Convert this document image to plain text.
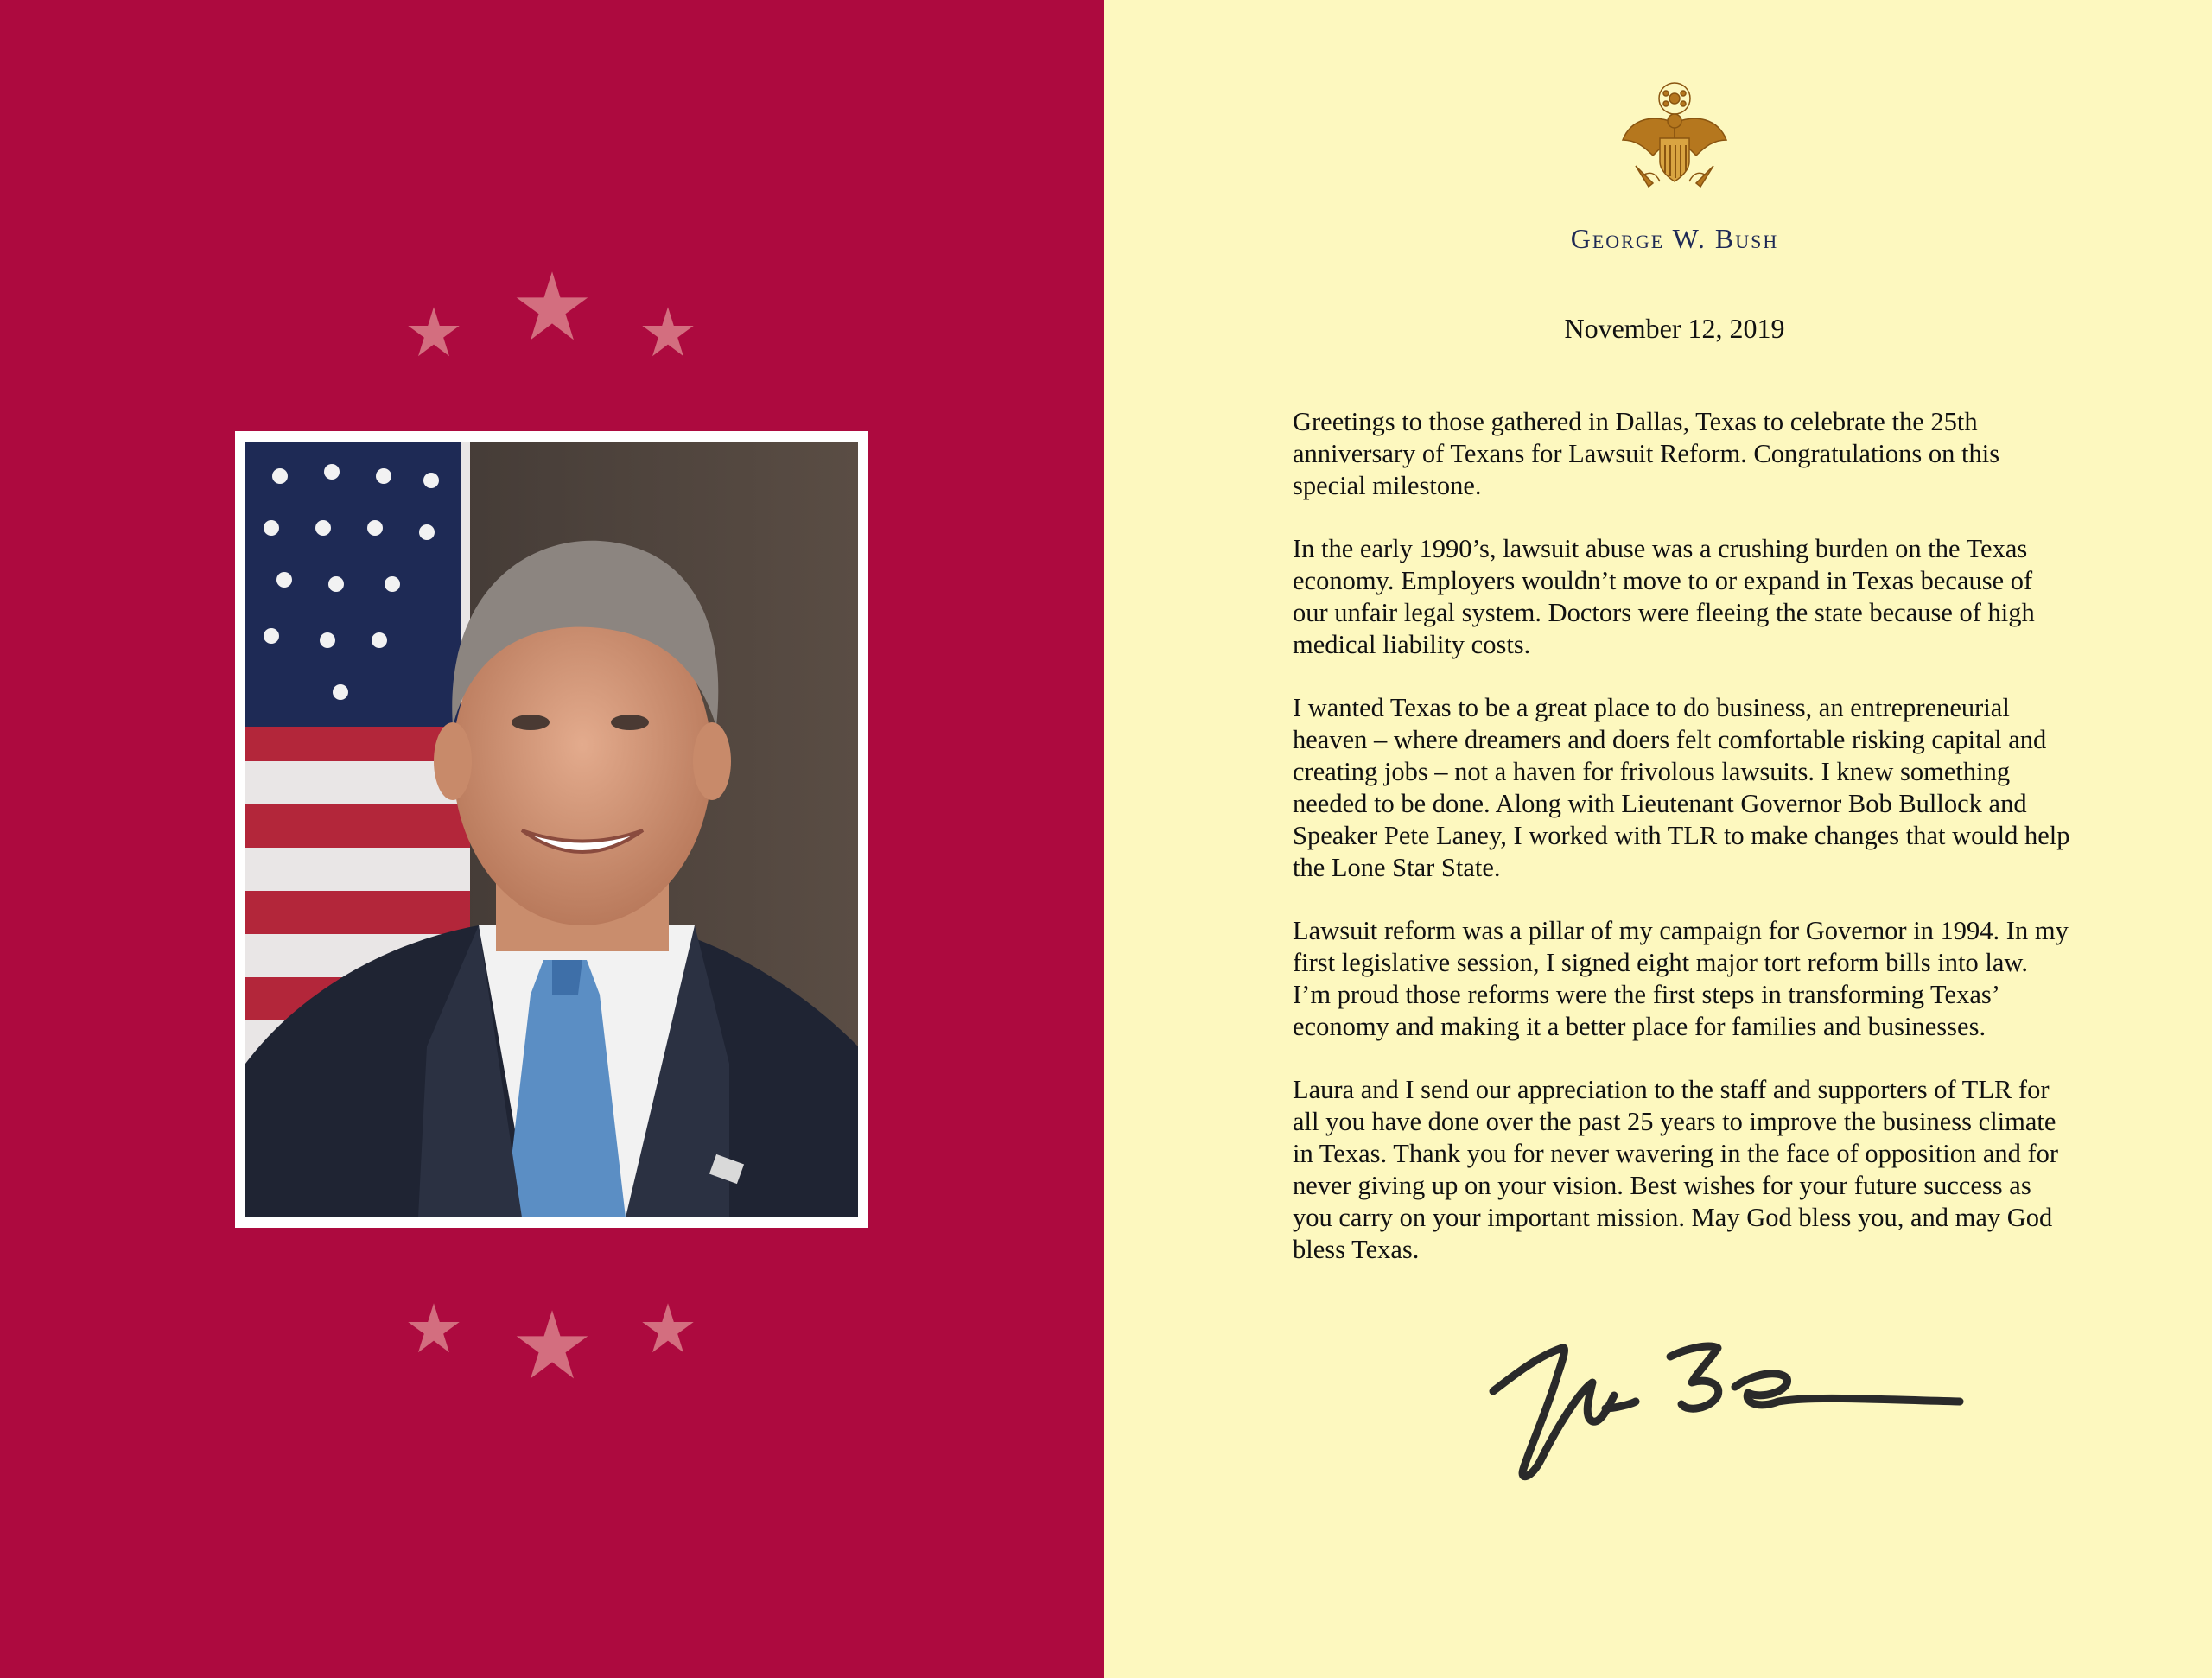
George W. Bush
November 12, 2019

Greetings to those gathered in Dallas, Texas to celebrate the 25th anniversary of Texans for Lawsuit Reform. Congratulations on this special milestone.

In the early 1990’s, lawsuit abuse was a crushing burden on the Texas economy. Employers wouldn’t move to or expand in Texas because of our unfair legal system. Doctors were fleeing the state because of high medical liability costs.

I wanted Texas to be a great place to do business, an entrepreneurial heaven – where dreamers and doers felt comfortable risking capital and creating jobs – not a haven for frivolous lawsuits. I knew something needed to be done. Along with Lieutenant Governor Bob Bullock and Speaker Pete Laney, I worked with TLR to make changes that would help the Lone Star State.

Lawsuit reform was a pillar of my campaign for Governor in 1994. In my first legislative session, I signed eight major tort reform bills into law. I’m proud those reforms were the first steps in transforming Texas’ economy and making it a better place for families and businesses.

Laura and I send our appreciation to the staff and supporters of TLR for all you have done over the past 25 years to improve the business climate in Texas. Thank you for never wavering in the face of opposition and for never giving up on your vision. Best wishes for your future success as you carry on your important mission. May God bless you, and may God bless Texas.
